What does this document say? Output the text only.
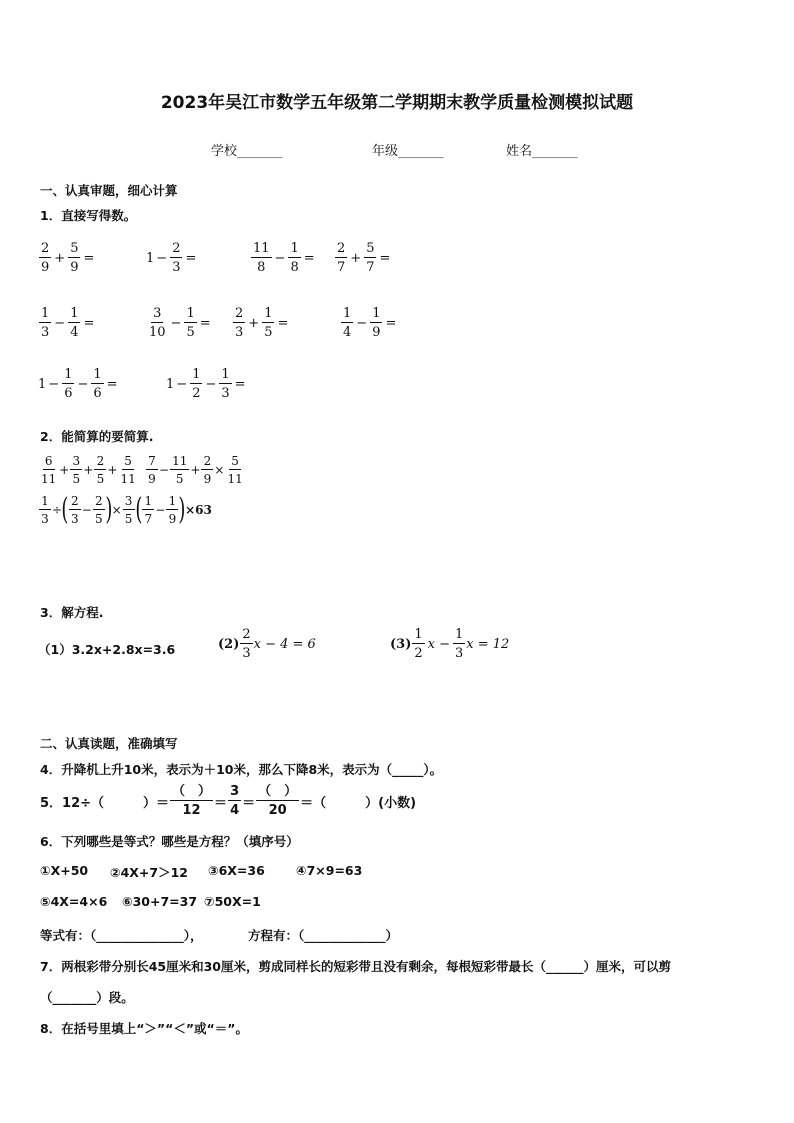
2023年吴江市数学五年级第二学期期末教学质量检测模拟试题
学校_______	年级_______	姓名_______
一、认真审题，细心计算
1．直接写得数。
$\frac{2}{9} + \frac{5}{9}$ =	$1 - \frac{2}{3}$ =	$\frac{11}{8} - \frac{1}{8} = \frac{2}{7} + \frac{5}{7}$ =
$\frac{1}{3} - \frac{1}{4}$ =	$\frac{3}{10} - \frac{1}{5} = \frac{2}{3} + \frac{1}{5}$ =	$\frac{1}{4} - \frac{1}{9}$ =
$1 - \frac{1}{6} - \frac{1}{6}$ =	$1 - \frac{1}{2} - \frac{1}{3}$ =
2．能简算的要简算.
$\frac{6}{11} + \frac{3}{5} + \frac{2}{5} + \frac{5}{11} \frac{7}{9} - \frac{11}{5} + \frac{2}{9} \times \frac{5}{11}$
$\frac{1}{3}$ ÷ ( $\frac{2}{3} - \frac{2}{5}$ ) × $\frac{3}{5}$ ( $\frac{1}{7} - \frac{1}{9}$ ) ×63
3．解方程.
（1）3.2x+2.8x=3.6	$(2) \frac{2}{3}$ x − 4 = 6	$(3) \frac{1}{2}$ $x - \frac{1}{3}$ x = 12
二、认真读题，准确填写
4．升降机上升10米，表示为＋10米，那么下降8米，表示为（_____）。
5．12÷（　　　）＝ $\frac{( )}{12} = \frac{3}{4} = \frac{( )}{20}$ ＝（　　　）(小数)
6．下列哪些是等式？哪些是方程？（填序号）
①X+50 ②4X+7＞12 ③6X=36 ④7×9=63
⑤4X=4×6 ⑥30+7=37 ⑦50X=1
等式有：（______________），	方程有：（_____________）
7．两根彩带分别长45厘米和30厘米，剪成同样长的短彩带且没有剩余，每根短彩带最长（______）厘米，可以剪
（_______）段。
8．在括号里填上“＞”“＜”或“＝”。
